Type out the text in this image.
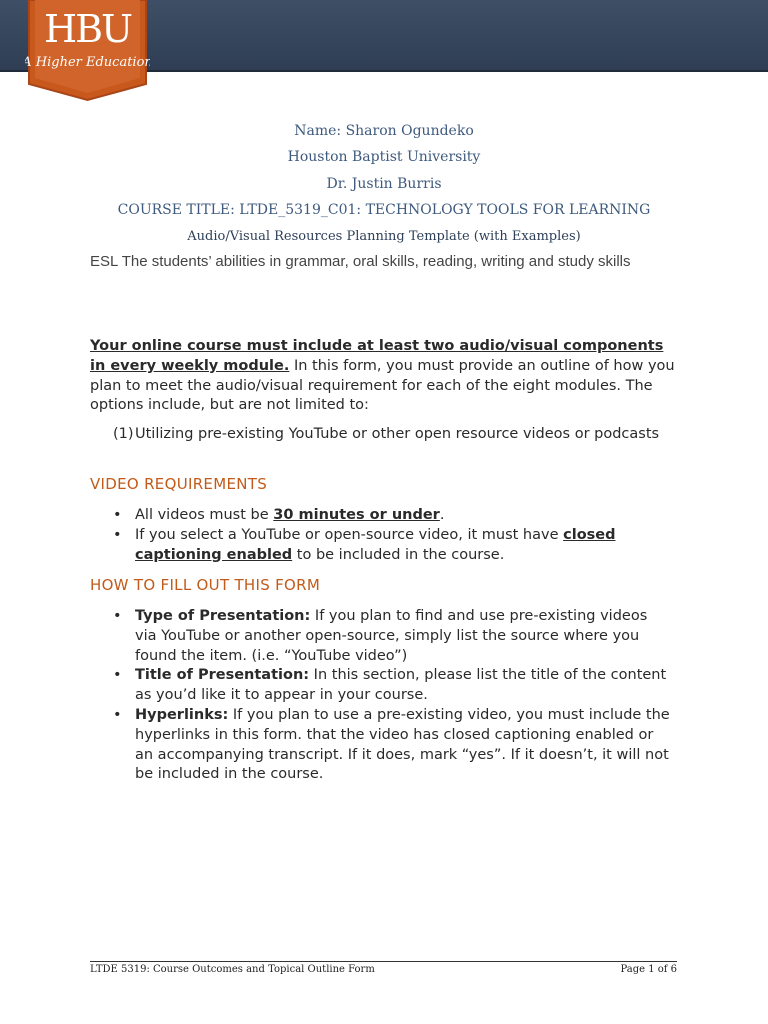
HBU
A Higher Education
Name: Sharon Ogundeko
Houston Baptist University
Dr. Justin Burris
COURSE TITLE: LTDE_5319_C01: TECHNOLOGY TOOLS FOR LEARNING
Audio/Visual Resources Planning Template (with Examples)
ESL The students’ abilities in grammar, oral skills, reading, writing and study skills
Your online course must include at least two audio/visual components in every weekly module. In this form, you must provide an outline of how you plan to meet the audio/visual requirement for each of the eight modules. The options include, but are not limited to:
(1) Utilizing pre-existing YouTube or other open resource videos or podcasts
VIDEO REQUIREMENTS
• All videos must be 30 minutes or under.
• If you select a YouTube or open-source video, it must have closed captioning enabled to be included in the course.
HOW TO FILL OUT THIS FORM
• Type of Presentation: If you plan to find and use pre-existing videos via YouTube or another open-source, simply list the source where you found the item. (i.e. “YouTube video”)
• Title of Presentation: In this section, please list the title of the content as you’d like it to appear in your course.
• Hyperlinks: If you plan to use a pre-existing video, you must include the hyperlinks in this form. that the video has closed captioning enabled or an accompanying transcript. If it does, mark “yes”. If it doesn’t, it will not be included in the course.
LTDE 5319: Course Outcomes and Topical Outline Form	Page 1 of 6
